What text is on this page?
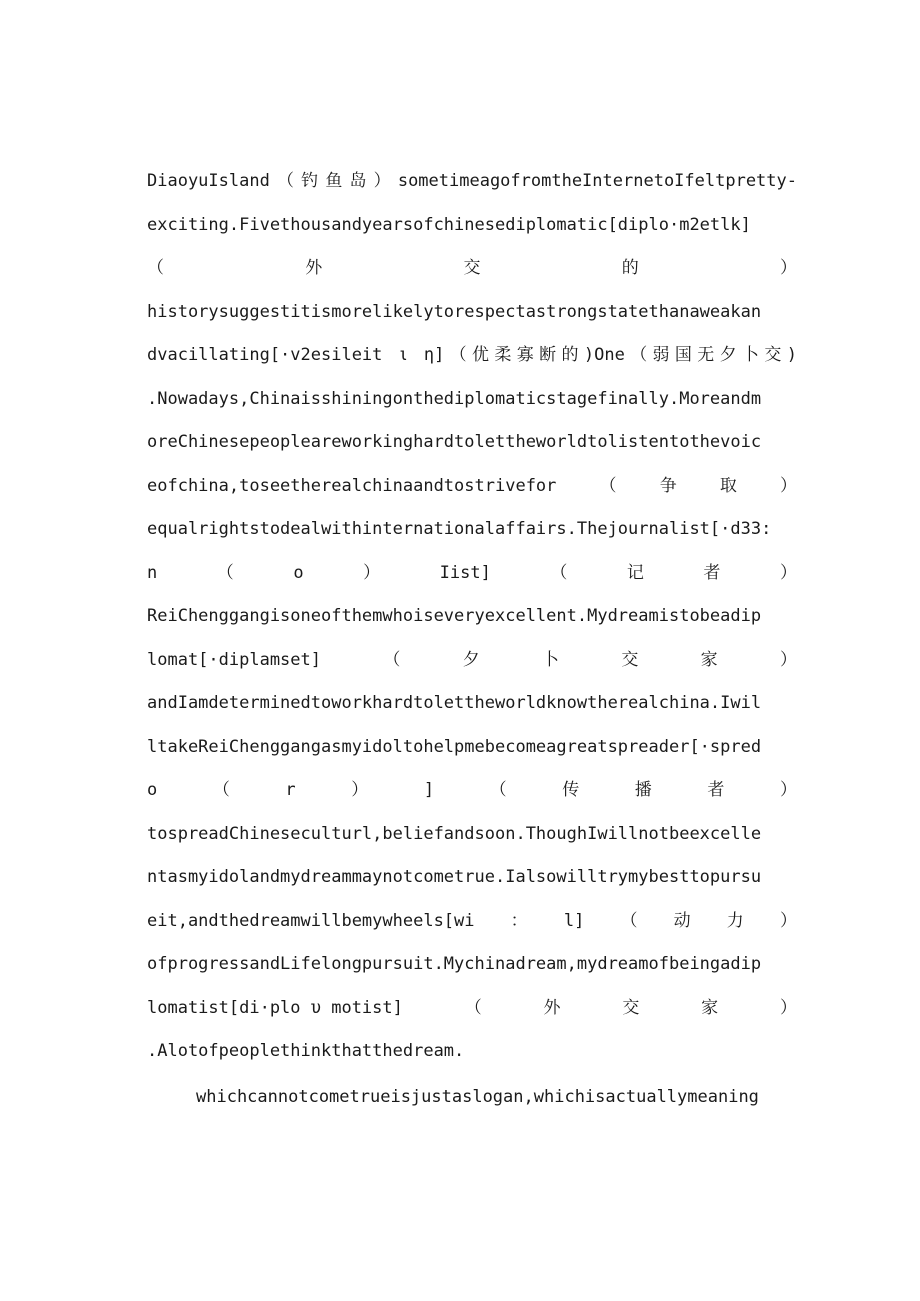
DiaoyuIsland（钓鱼岛）sometimeagofromtheInternetoIfeltpretty-
exciting.Fivethousandyearsofchinesediplomatic[diplo·m2etlk]
（	外	交	的	）
historysuggestitismorelikelytorespectastrongstatethanaweakan
dvacillating[·v2esileit ι η]（优柔寡断的)One（弱国无夕卜交)
.Nowadays,Chinaisshiningonthediplomaticstagefinally.Moreandm
oreChinesepeopleareworkinghardtolettheworldtolistentothevoic
eofchina,toseetherealchinaandtostrivefor	（	争	取	）
equalrightstodealwithinternationalaffairs.Thejournalist[·d33:
n	（	o	）	Iist]	（	记	者	）
ReiChenggangisoneofthemwhoiseveryexcellent.Mydreamistobeadip
lomat[·diplamset]	（	夕	卜	交	家	）
andIamdeterminedtoworkhardtolettheworldknowtherealchina.Iwil
ltakeReiChenggangasmyidoltohelpmebecomeagreatspreader[·spred
o	（	r	）	]	（	传	播	者	）
tospreadChineseculturl,beliefandsoon.ThoughIwillnotbeexcelle
ntasmyidolandmydreammaynotcometrue.Ialsowilltrymybesttopursu
eit,andthedreamwillbemywheels[wi ： l] （ 动 力 ）
ofprogressandLifelongpursuit.Mychinadream,mydreamofbeingadip
lomatist[di·plo υ motist]	（	外	交	家	）
.Alotofpeoplethinkthatthedream.
whichcannotcometrueisjustaslogan,whichisactuallymeaning
